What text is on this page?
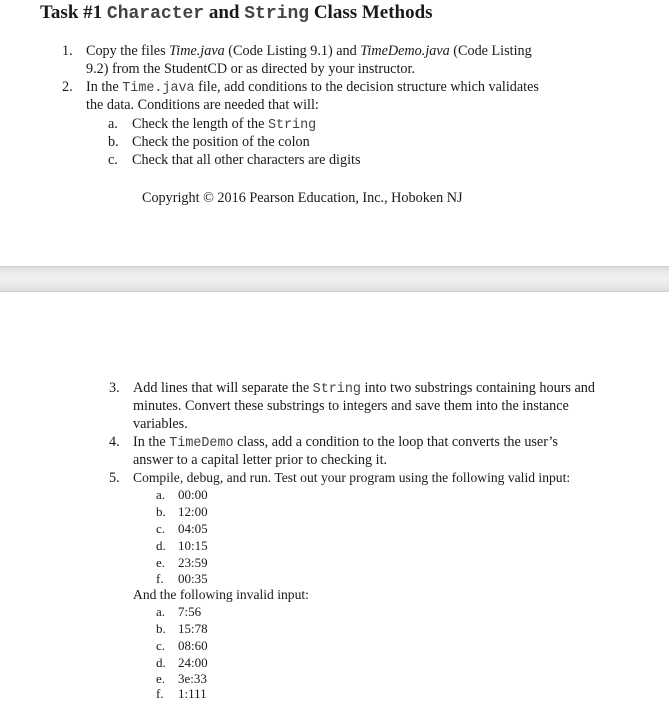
Task #1 Character and String Class Methods
1. Copy the files Time.java (Code Listing 9.1) and TimeDemo.java (Code Listing
9.2) from the StudentCD or as directed by your instructor.
2. In the Time.java file, add conditions to the decision structure which validates
the data. Conditions are needed that will:
a. Check the length of the String
b. Check the position of the colon
c. Check that all other characters are digits
Copyright © 2016 Pearson Education, Inc., Hoboken NJ
3. Add lines that will separate the String into two substrings containing hours and
minutes. Convert these substrings to integers and save them into the instance
variables.
4. In the TimeDemo class, add a condition to the loop that converts the user’s
answer to a capital letter prior to checking it.
5. Compile, debug, and run. Test out your program using the following valid input:
a. 00:00
b. 12:00
c. 04:05
d. 10:15
e. 23:59
f. 00:35
And the following invalid input:
a. 7:56
b. 15:78
c. 08:60
d. 24:00
e. 3e:33
f. 1:111
